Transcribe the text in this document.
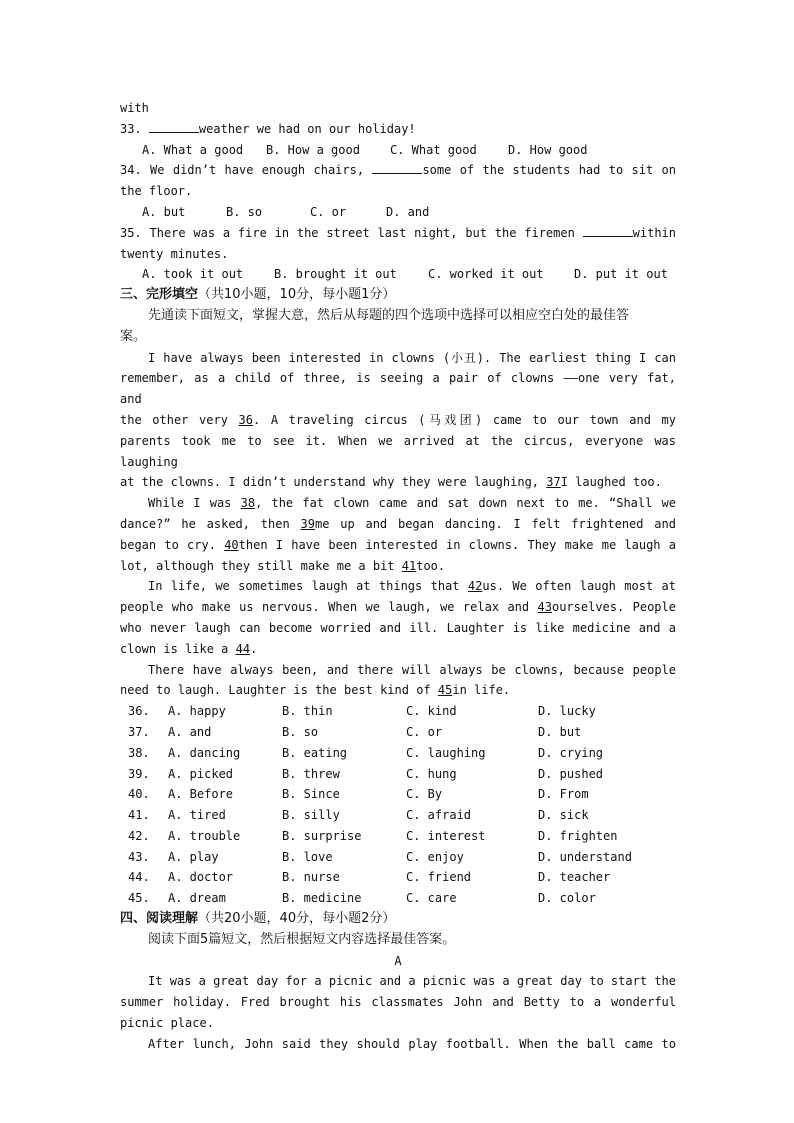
with
33.	weather we had on our holiday!
A. What a good B. How a good	C. What good	D. How good
34. We didn’t have enough chairs,	some of the students had to sit on
the floor.
A. but	B. so	C. or	D. and
35. There was a fire in the street last night, but the firemen	within
twenty minutes.
A. took it out	B. brought it out	C. worked it out	D. put it out
三、完形填空（共10小题，10分，每小题1分）
先通读下面短文，掌握大意，然后从每题的四个选项中选择可以相应空白处的最佳答
案。
I have always been interested in clowns (小丑). The earliest thing I can
remember, as a child of three, is seeing a pair of clowns ——one very fat, and
the other very 36. A traveling circus (马戏团) came to our town and my
parents took me to see it. When we arrived at the circus, everyone was laughing
at the clowns. I didn’t understand why they were laughing, 37I laughed too.
While I was 38, the fat clown came and sat down next to me. “Shall we
dance?” he asked, then 39me up and began dancing. I felt frightened and
began to cry. 40then I have been interested in clowns. They make me laugh a
lot, although they still make me a bit 41too.
In life, we sometimes laugh at things that 42us. We often laugh most at
people who make us nervous. When we laugh, we relax and 43ourselves. People
who never laugh can become worried and ill. Laughter is like medicine and a
clown is like a 44.
There have always been, and there will always be clowns, because people
need to laugh. Laughter is the best kind of 45in life.
36.	A. happy	B. thin	C. kind	D. lucky
37.	A. and	B. so	C. or	D. but
38.	A. dancing	B. eating	C. laughing	D. crying
39.	A. picked	B. threw	C. hung	D. pushed
40.	A. Before	B. Since	C. By	D. From
41.	A. tired	B. silly	C. afraid	D. sick
42.	A. trouble	B. surprise	C. interest	D. frighten
43.	A. play	B. love	C. enjoy	D. understand
44.	A. doctor	B. nurse	C. friend	D. teacher
45.	A. dream	B. medicine	C. care	D. color
四、阅读理解（共20小题，40分，每小题2分）
阅读下面5篇短文，然后根据短文内容选择最佳答案。
A
It was a great day for a picnic and a picnic was a great day to start the
summer holiday. Fred brought his classmates John and Betty to a wonderful
picnic place.
After lunch, John said they should play football. When the ball came to
